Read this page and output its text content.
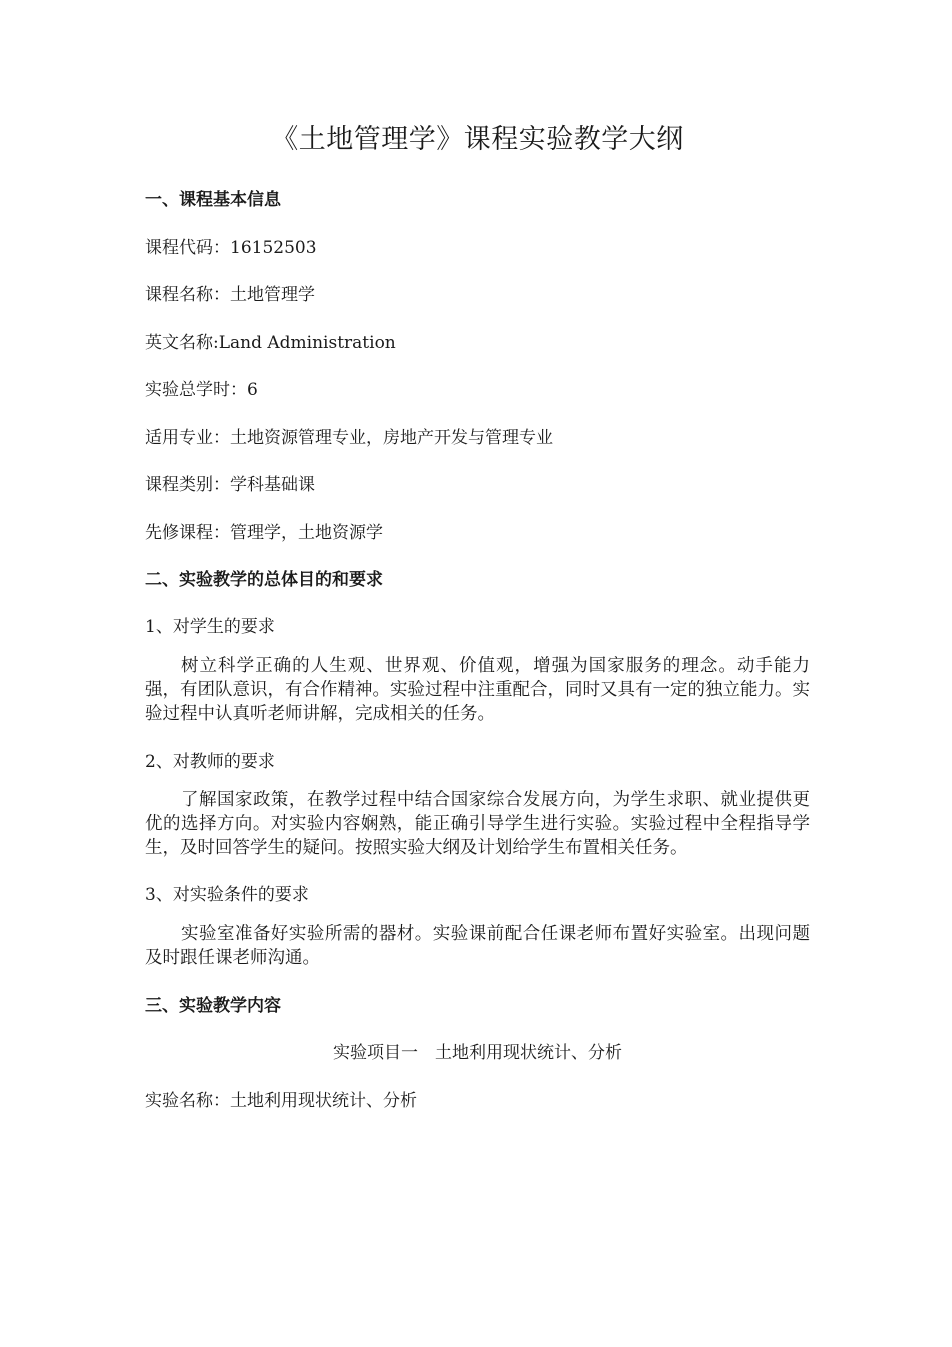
《土地管理学》课程实验教学大纲
一、课程基本信息

课程代码：16152503

课程名称：土地管理学

英文名称:Land Administration

实验总学时：6

适用专业：土地资源管理专业，房地产开发与管理专业

课程类别：学科基础课

先修课程：管理学，土地资源学

二、实验教学的总体目的和要求

1、对学生的要求

树立科学正确的人生观、世界观、价值观，增强为国家服务的理念。动手能力强，有团队意识，有合作精神。实验过程中注重配合，同时又具有一定的独立能力。实验过程中认真听老师讲解，完成相关的任务。

2、对教师的要求

了解国家政策，在教学过程中结合国家综合发展方向，为学生求职、就业提供更优的选择方向。对实验内容娴熟，能正确引导学生进行实验。实验过程中全程指导学生，及时回答学生的疑问。按照实验大纲及计划给学生布置相关任务。

3、对实验条件的要求

实验室准备好实验所需的器材。实验课前配合任课老师布置好实验室。出现问题及时跟任课老师沟通。

三、实验教学内容

实验项目一　土地利用现状统计、分析

实验名称：土地利用现状统计、分析
